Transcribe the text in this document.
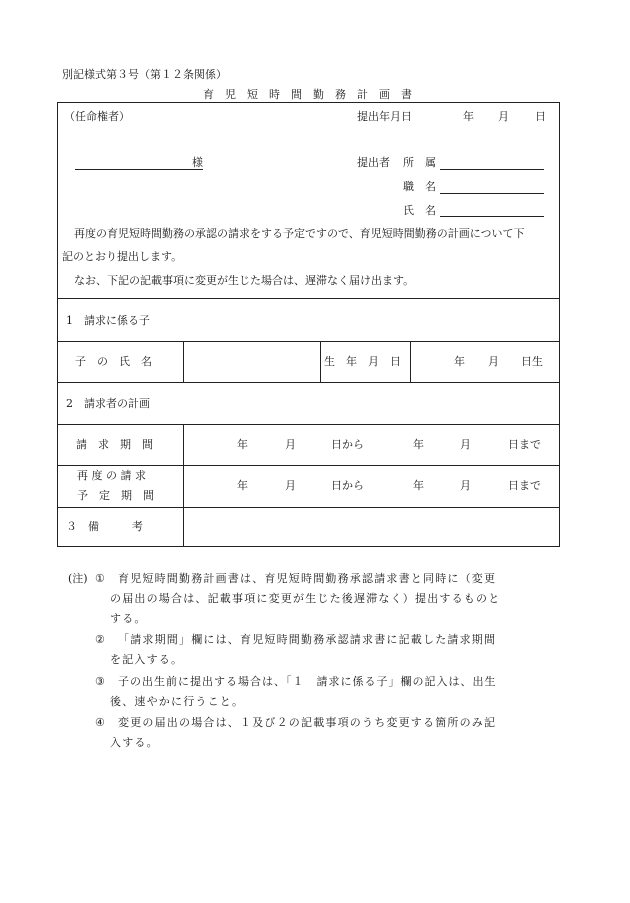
別記様式第３号（第１２条関係）
育　児　短　時　間　勤　務　計　画　書
（任命権者）	提出年月日	年 月 日
様	提出者 所　属
職　名
氏　名
再度の育児短時間勤務の承認の請求をする予定ですので、育児短時間勤務の計画について下
記のとおり提出します。
なお、下記の記載事項に変更が生じた場合は、遅滞なく届け出ます。
1　請求に係る子
子　の　氏　名	生　年　月　日	年 月 日生
2　請求者の計画
請　求　期　間	年	月	日から	年	月	日まで
再 度 の 請 求
予　定　期　間
年	月	日から	年	月	日まで
３　備　　　考
(注) ① 育児短時間勤務計画書は、育児短時間勤務承認請求書と同時に（変更
の届出の場合は、記載事項に変更が生じた後遅滞なく）提出するものと
する。
② 「請求期間」欄には、育児短時間勤務承認請求書に記載した請求期間
を記入する。
③ 子の出生前に提出する場合は、「１　請求に係る子」欄の記入は、出生
後、速やかに行うこと。
④ 変更の届出の場合は、１及び２の記載事項のうち変更する箇所のみ記
入する。
